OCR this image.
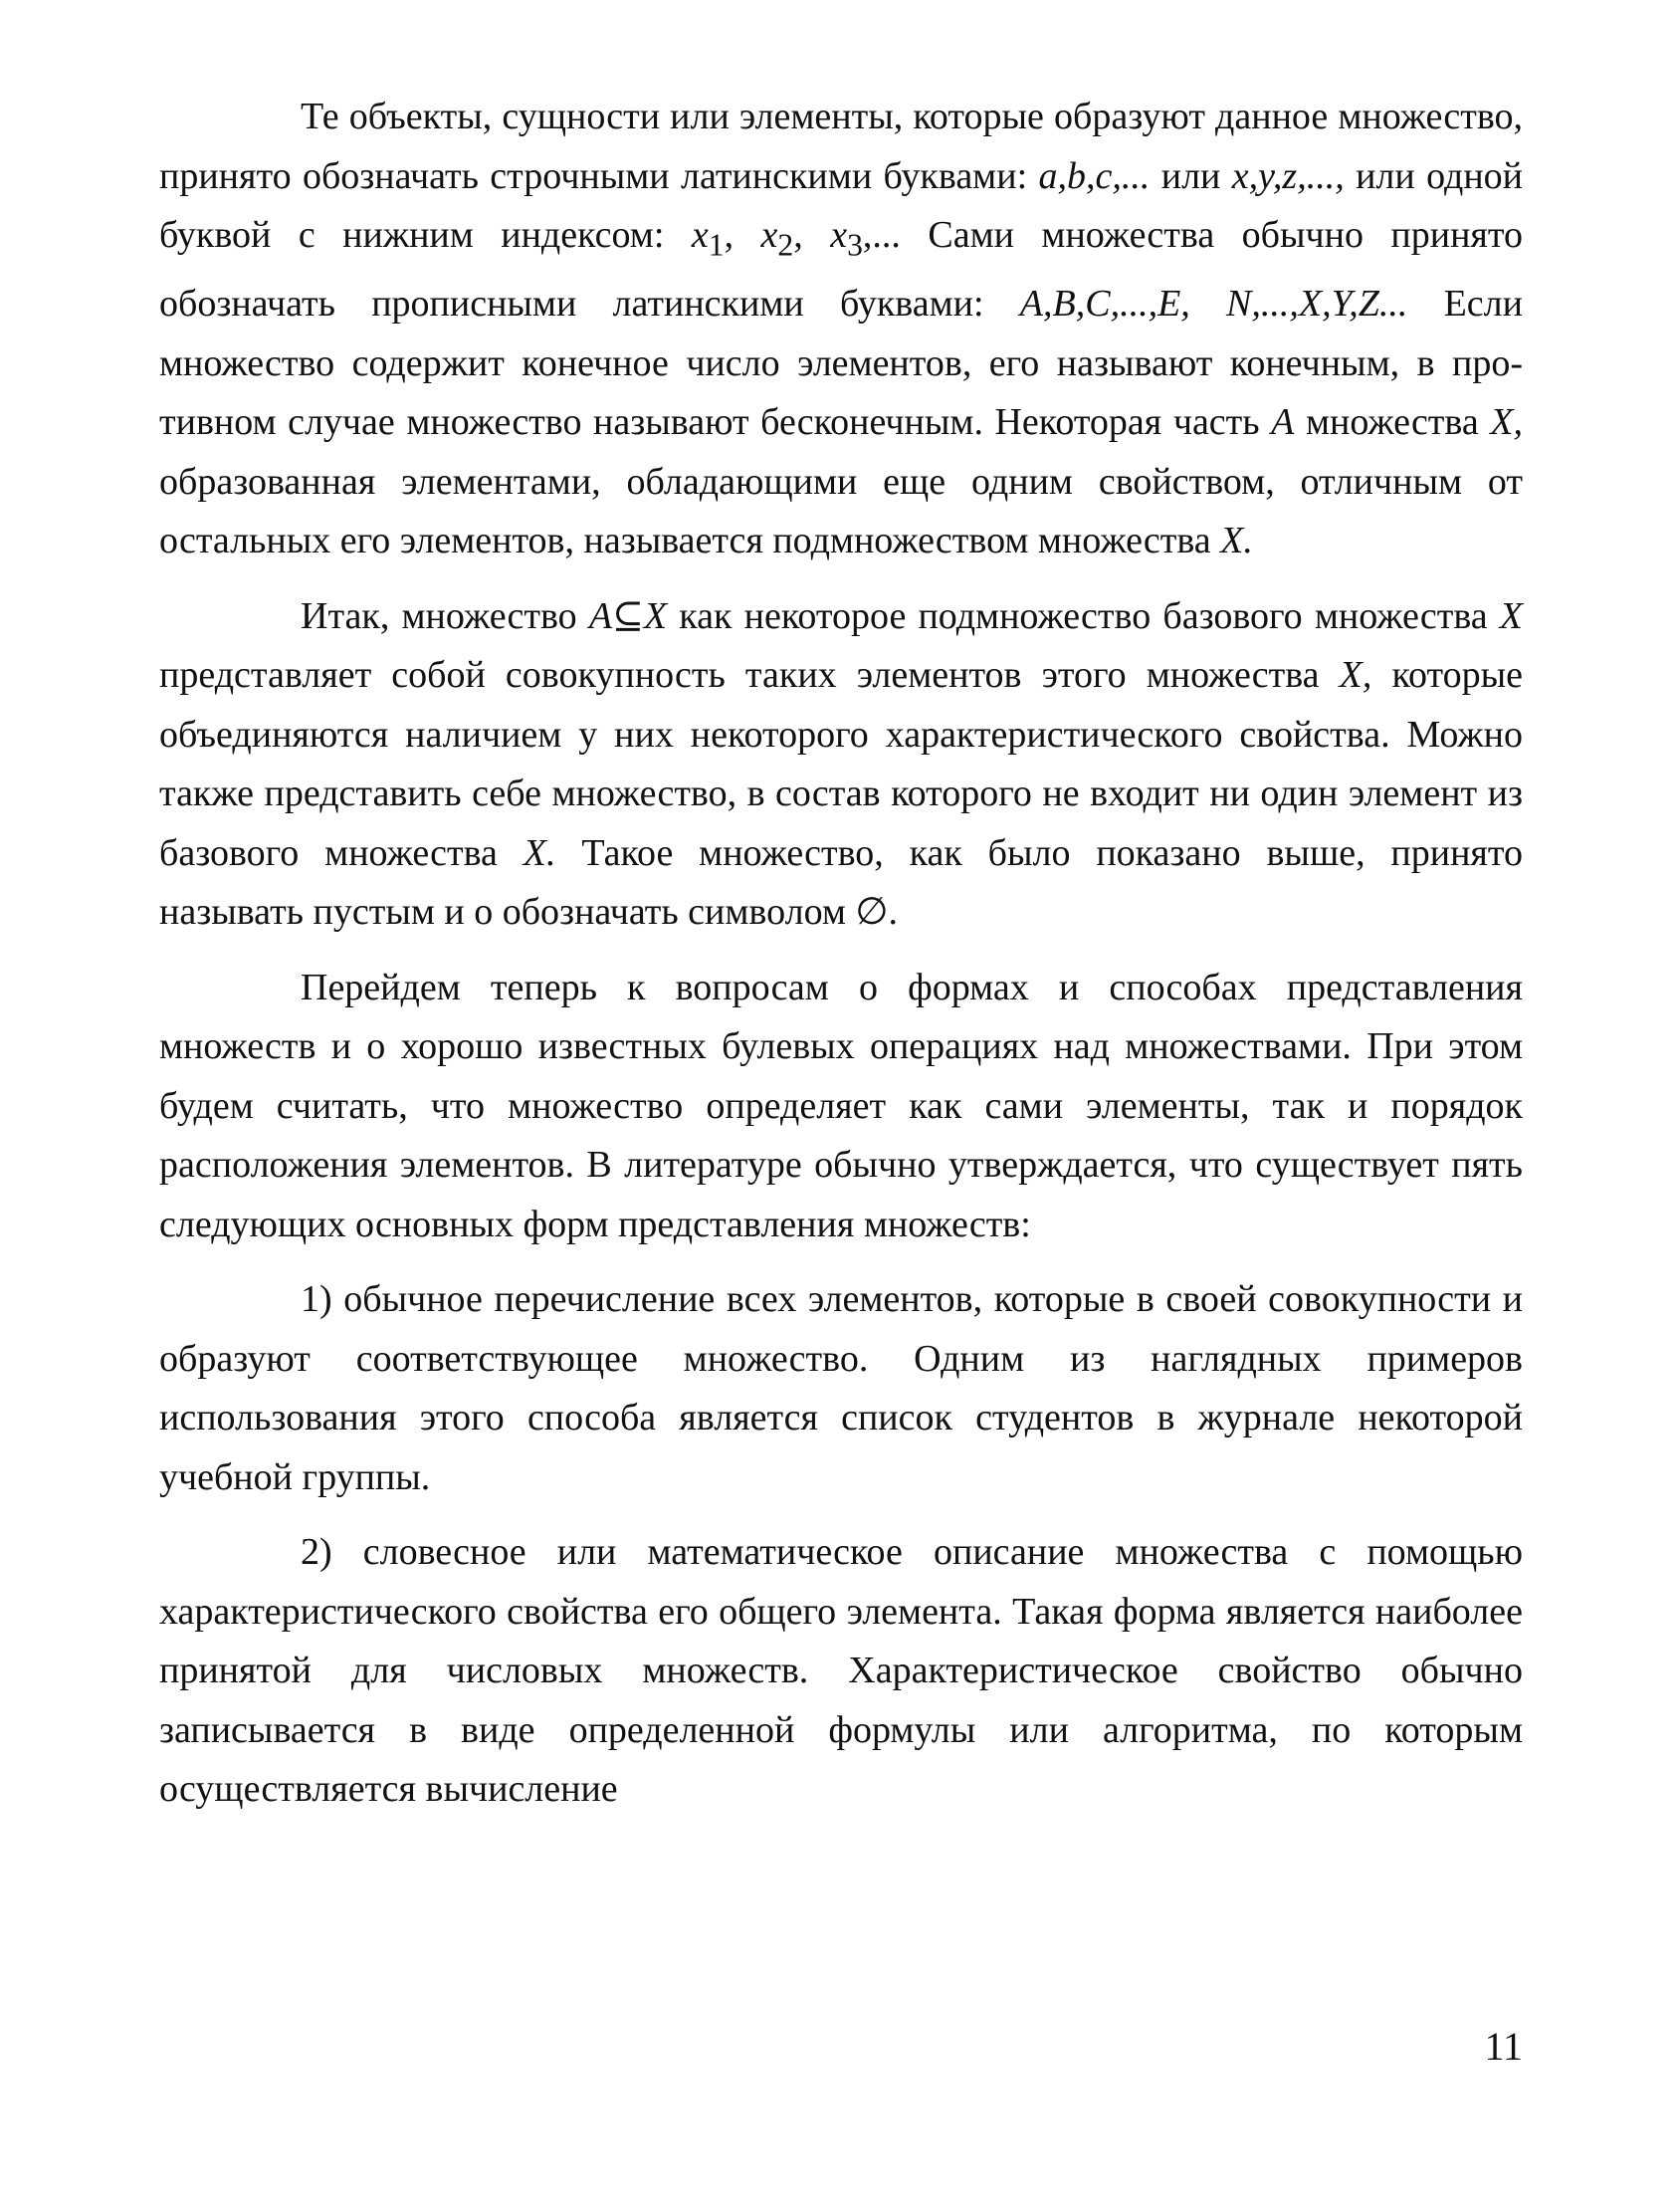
Те объекты, сущности или элементы, которые образуют данное множество, принято обозначать строчными латинскими буквами: a,b,c,... или x,y,z,..., или одной буквой с нижним индексом: $x_1$, $x_2$, $x_3$,... Сами множества обычно принято обозначать прописными латинскими буквами: A,B,C,...,E, N,...,X,Y,Z... Если множество содержит конечное число элементов, его называют конечным, в противном случае множество называют бесконечным. Некоторая часть A множества X, образованная элементами, обладающими еще одним свойством, отличным от остальных его элементов, называется подмножеством множества X.

Итак, множество A⊆X как некоторое подмножество базового множества X представляет собой совокупность таких элементов этого множества X, которые объединяются наличием у них некоторого характеристического свойства. Можно также представить себе множество, в состав которого не входит ни один элемент из базового множества X. Такое множество, как было показано выше, принято называть пустым и о обозначать символом ∅.

Перейдем теперь к вопросам о формах и способах представления множеств и о хорошо известных булевых операциях над множествами. При этом будем считать, что множество определяет как сами элементы, так и порядок расположения элементов. В литературе обычно утверждается, что существует пять следующих основных форм представления множеств:

1) обычное перечисление всех элементов, которые в своей совокупности и образуют соответствующее множество. Одним из наглядных примеров использования этого способа является список студентов в журнале некоторой учебной группы.

2) словесное или математическое описание множества с помощью характеристического свойства его общего элемента. Такая форма является наиболее принятой для числовых множеств. Характеристическое свойство обычно записывается в виде определенной формулы или алгоритма, по которым осуществляется вычисление

11
